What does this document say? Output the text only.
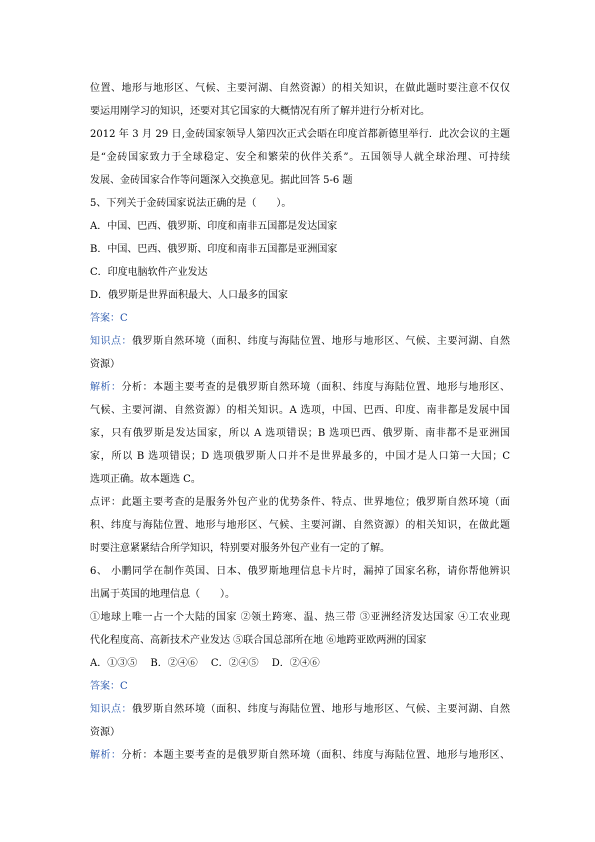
位置、地形与地形区、气候、主要河湖、自然资源）的相关知识，在做此题时要注意不仅仅
要运用刚学习的知识，还要对其它国家的大概情况有所了解并进行分析对比。
2012 年 3 月 29 日,金砖国家领导人第四次正式会晤在印度首都新德里举行．此次会议的主题
是“金砖国家致力于全球稳定、安全和繁荣的伙伴关系”。五国领导人就全球治理、可持续
发展、金砖国家合作等问题深入交换意见。据此回答 5-6 题
5、下列关于金砖国家说法正确的是（　　）。
A．中国、巴西、俄罗斯、印度和南非五国都是发达国家
B．中国、巴西、俄罗斯、印度和南非五国都是亚洲国家
C．印度电脑软件产业发达
D．俄罗斯是世界面积最大、人口最多的国家
答案：C
知识点：俄罗斯自然环境（面积、纬度与海陆位置、地形与地形区、气候、主要河湖、自然
资源）
解析：分析：本题主要考查的是俄罗斯自然环境（面积、纬度与海陆位置、地形与地形区、
气候、主要河湖、自然资源）的相关知识。A 选项，中国、巴西、印度、南非都是发展中国
家，只有俄罗斯是发达国家，所以 A 选项错误；B 选项巴西、俄罗斯、南非都不是亚洲国
家，所以 B 选项错误；D 选项俄罗斯人口并不是世界最多的，中国才是人口第一大国；C
选项正确。故本题选 C。
点评：此题主要考查的是服务外包产业的优势条件、特点、世界地位；俄罗斯自然环境（面
积、纬度与海陆位置、地形与地形区、气候、主要河湖、自然资源）的相关知识，在做此题
时要注意紧紧结合所学知识，特别要对服务外包产业有一定的了解。
6、 小鹏同学在制作英国、日本、俄罗斯地理信息卡片时，漏掉了国家名称，请你帮他辨识
出属于英国的地理信息（　　）。
①地球上唯一占一个大陆的国家 ②领土跨寒、温、热三带 ③亚洲经济发达国家 ④工农业现
代化程度高、高新技术产业发达 ⑤联合国总部所在地 ⑥地跨亚欧两洲的国家
A．①③⑤　 B．②④⑥　 C．②④⑤　 D．②④⑥
答案：C
知识点：俄罗斯自然环境（面积、纬度与海陆位置、地形与地形区、气候、主要河湖、自然
资源）
解析：分析：本题主要考查的是俄罗斯自然环境（面积、纬度与海陆位置、地形与地形区、
